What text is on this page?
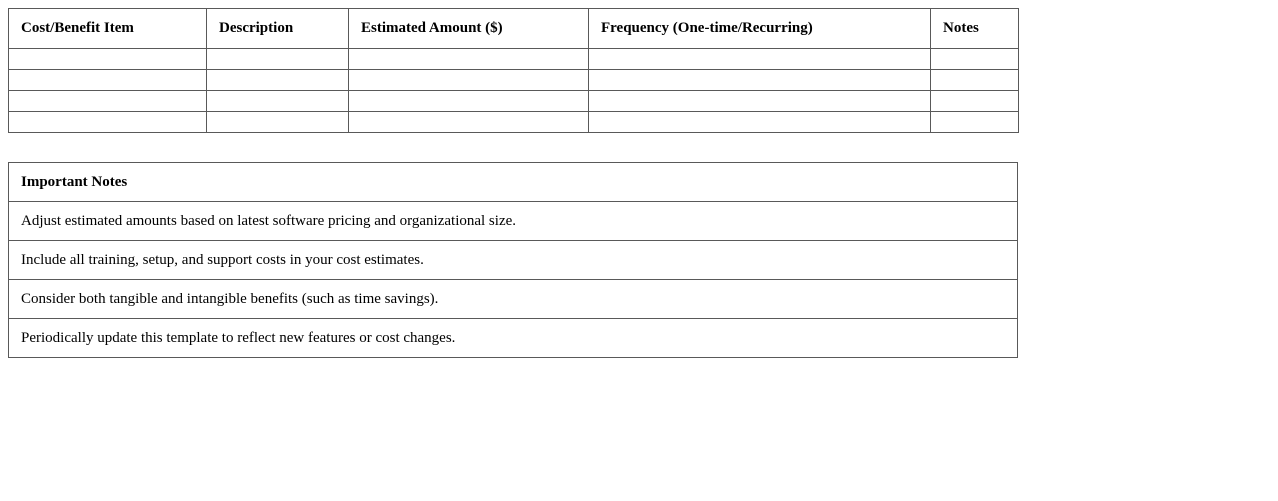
Cost/Benefit Item	Description	Estimated Amount ($)	Frequency (One-time/Recurring)	Notes

Important Notes
Adjust estimated amounts based on latest software pricing and organizational size.
Include all training, setup, and support costs in your cost estimates.
Consider both tangible and intangible benefits (such as time savings).
Periodically update this template to reflect new features or cost changes.
